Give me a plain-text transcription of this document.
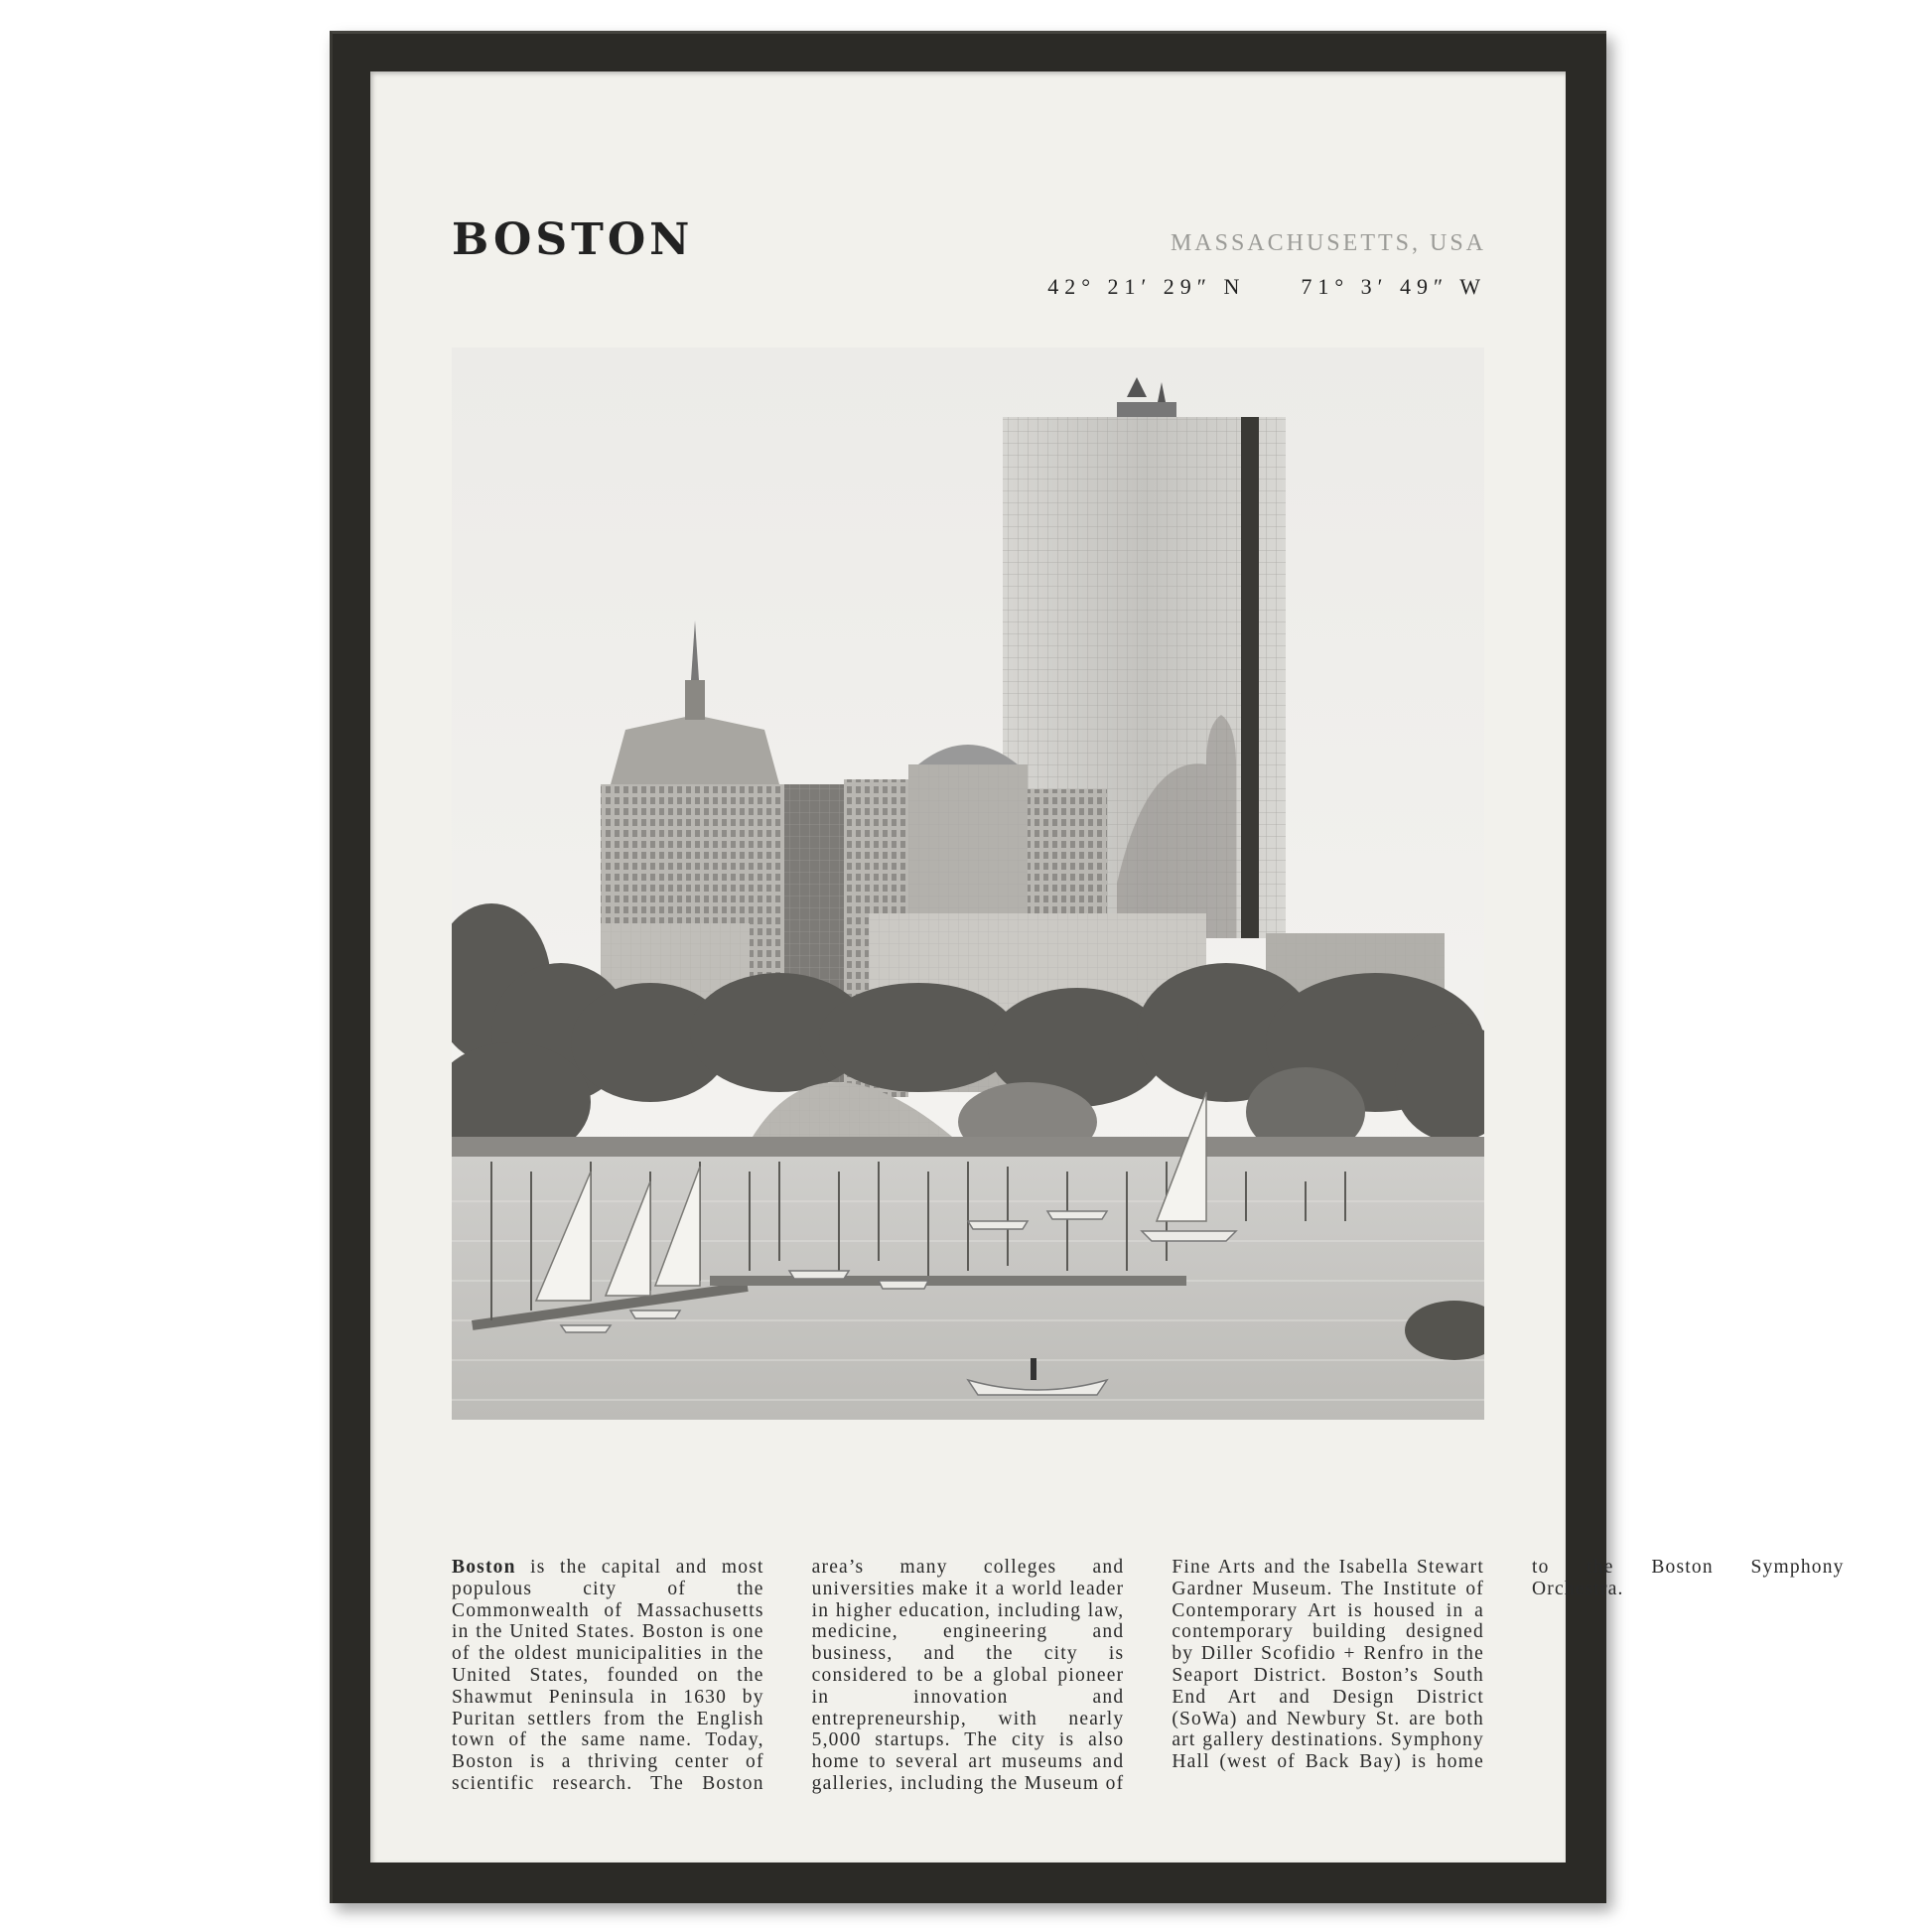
BOSTON	MASSACHUSETTS, USA
42° 21′ 29″ N	71° 3′ 49″ W
Boston is the capital and most populous city of the Commonwealth of Massachusetts in the United States. Boston is one of the oldest municipalities in the United States, founded on the Shawmut Peninsula in 1630 by Puritan settlers from the English town of the same name. Today, Boston is a thriving center of scientific research. The Boston area’s many colleges and universities make it a world leader in higher education, including law, medicine, engineering and business, and the city is considered to be a global pioneer in innovation and entrepreneurship, with nearly 5,000 startups. The city is also home to several art museums and galleries, including the Museum of Fine Arts and the Isabella Stewart Gardner Museum. The Institute of Contemporary Art is housed in a contemporary building designed by Diller Scofidio + Renfro in the Seaport District. Boston’s South End Art and Design District (SoWa) and Newbury St. are both art gallery destinations. Symphony Hall (west of Back Bay) is home to the Boston Symphony Orchestra.
